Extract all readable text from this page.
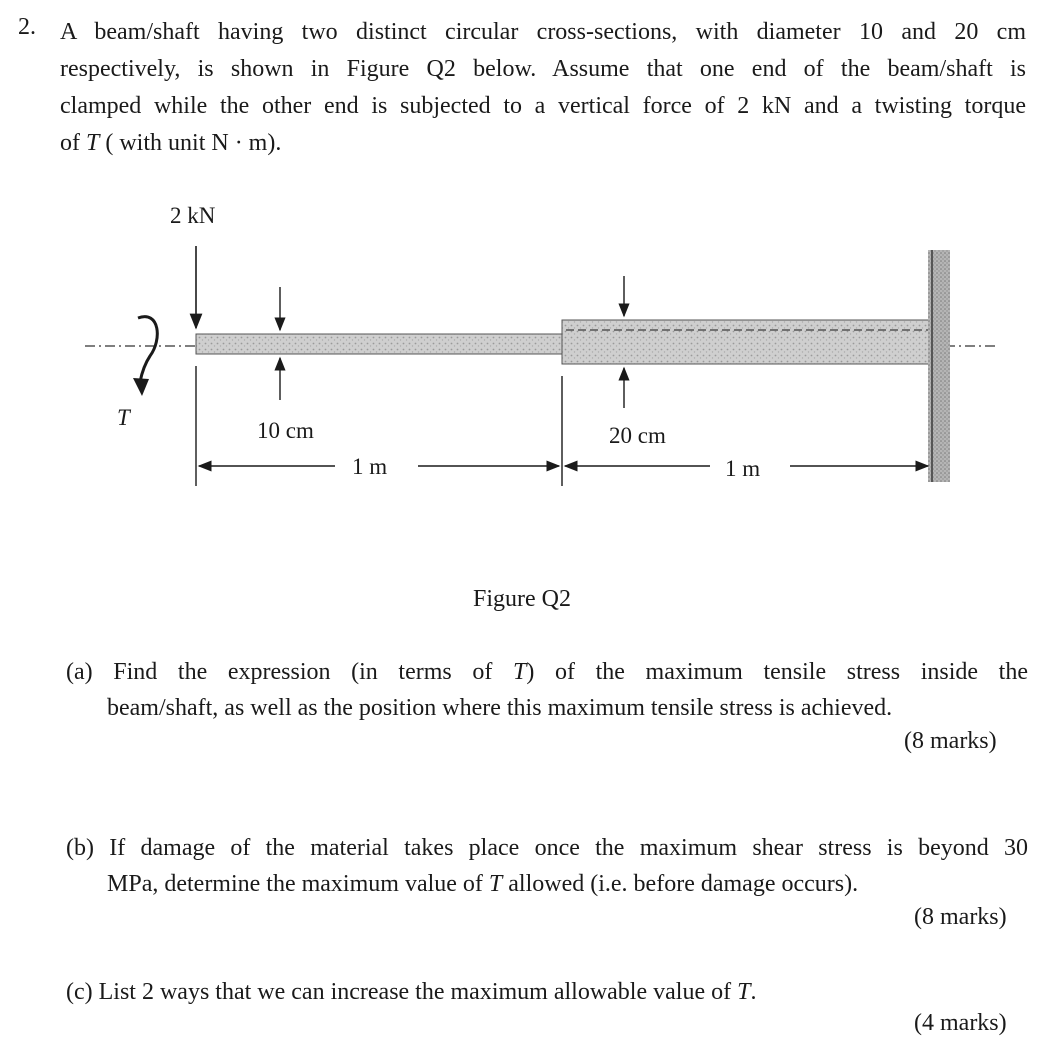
2. A beam/shaft having two distinct circular cross-sections, with diameter 10 and 20 cm
respectively, is shown in Figure Q2 below. Assume that one end of the beam/shaft is
clamped while the other end is subjected to a vertical force of 2 kN and a twisting torque
of T ( with unit N · m).
2 kN
T
10 cm	20 cm
1 m	1 m
Figure Q2
(a) Find the expression (in terms of T) of the maximum tensile stress inside the
beam/shaft, as well as the position where this maximum tensile stress is achieved.
(8 marks)
(b) If damage of the material takes place once the maximum shear stress is beyond 30
MPa, determine the maximum value of T allowed (i.e. before damage occurs).
(8 marks)
(c) List 2 ways that we can increase the maximum allowable value of T.
(4 marks)
